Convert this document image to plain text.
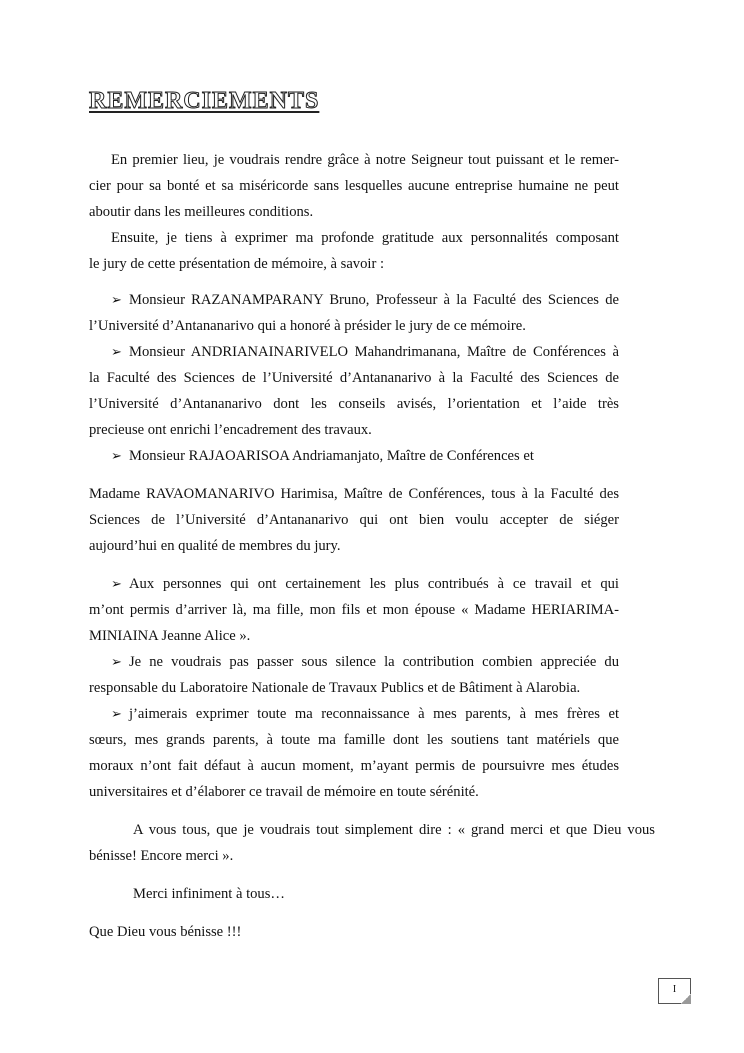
REMERCIEMENTS
En premier lieu, je voudrais rendre grâce à notre Seigneur tout puissant et le remer-
cier pour sa bonté et sa miséricorde sans lesquelles aucune entreprise humaine ne peut
aboutir dans les meilleures conditions.
Ensuite, je tiens à exprimer ma profonde gratitude aux personnalités composant
le jury de cette présentation de mémoire, à savoir :
➢ Monsieur RAZANAMPARANY Bruno, Professeur à la Faculté des Sciences de
l’Université d’Antananarivo qui a honoré à présider le jury de ce mémoire.
➢ Monsieur ANDRIANAINARIVELO Mahandrimanana, Maître de Conférences à
la Faculté des Sciences de l’Université d’Antananarivo à la Faculté des Sciences de
l’Université d’Antananarivo dont les conseils avisés, l’orientation et l’aide très
precieuse ont enrichi l’encadrement des travaux.
➢ Monsieur RAJAOARISOA Andriamanjato, Maître de Conférences et
Madame RAVAOMANARIVO Harimisa, Maître de Conférences, tous à la Faculté des
Sciences de l’Université d’Antananarivo qui ont bien voulu accepter de siéger
aujourd’hui en qualité de membres du jury.
➢ Aux personnes qui ont certainement les plus contribués à ce travail et qui
m’ont permis d’arriver là, ma fille, mon fils et mon épouse « Madame HERIARIMA-
MINIAINA Jeanne Alice ».
➢ Je ne voudrais pas passer sous silence la contribution combien appreciée du
responsable du Laboratoire Nationale de Travaux Publics et de Bâtiment à Alarobia.
➢ j’aimerais exprimer toute ma reconnaissance à mes parents, à mes frères et
sœurs, mes grands parents, à toute ma famille dont les soutiens tant matériels que
moraux n’ont fait défaut à aucun moment, m’ayant permis de poursuivre mes études
universitaires et d’élaborer ce travail de mémoire en toute sérénité.
A vous tous, que je voudrais tout simplement dire : « grand merci et que Dieu vous
bénisse! Encore merci ».
Merci infiniment à tous…
Que Dieu vous bénisse !!!
I
